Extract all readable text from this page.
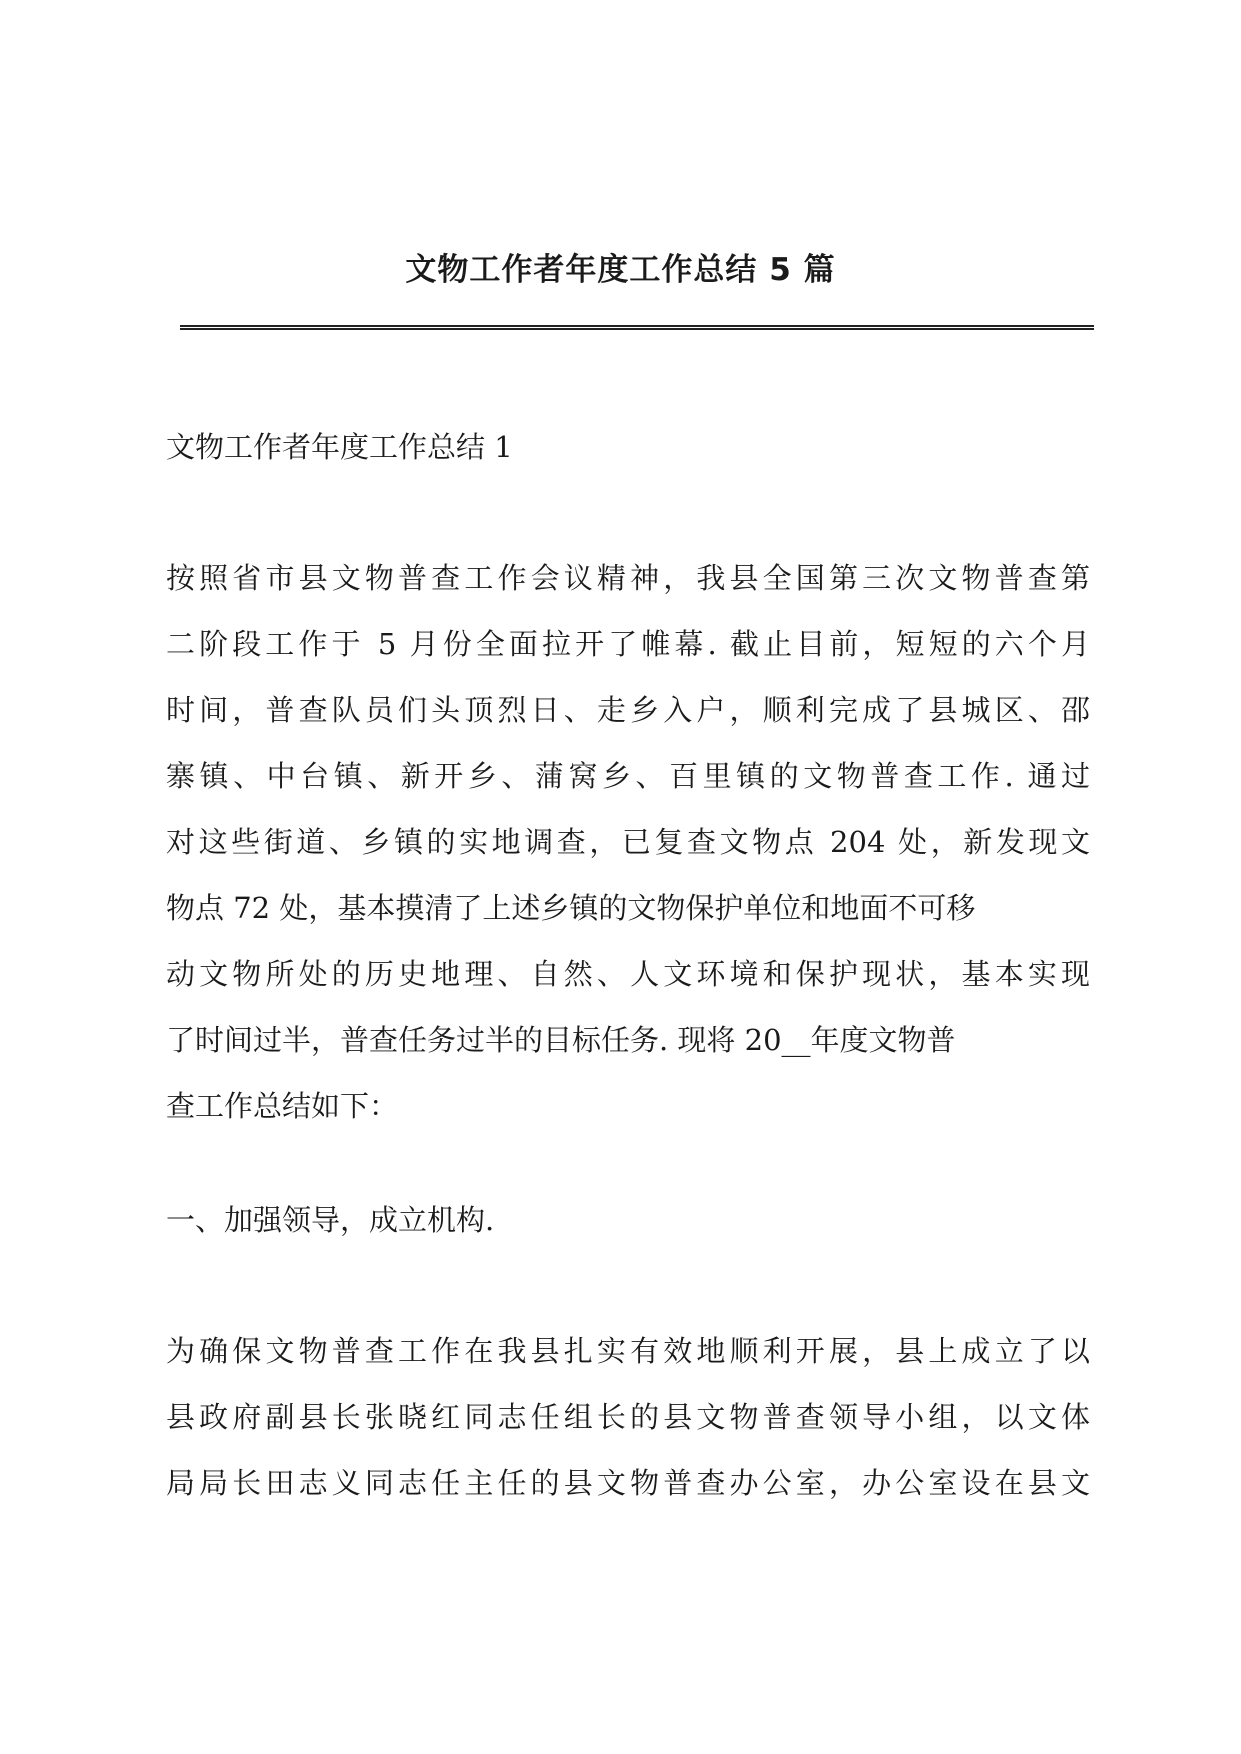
文物工作者年度工作总结 5 篇

文物工作者年度工作总结 1

按照省市县文物普查工作会议精神，我县全国第三次文物普查第

二阶段工作于 5 月份全面拉开了帷幕. 截止目前，短短的六个月

时间，普查队员们头顶烈日、走乡入户，顺利完成了县城区、邵

寨镇、中台镇、新开乡、蒲窝乡、百里镇的文物普查工作. 通过

对这些街道、乡镇的实地调查，已复查文物点 204 处，新发现文

物点 72 处，基本摸清了上述乡镇的文物保护单位和地面不可移

动文物所处的历史地理、自然、人文环境和保护现状，基本实现

了时间过半，普查任务过半的目标任务. 现将 20__年度文物普

查工作总结如下：

一、加强领导，成立机构.

为确保文物普查工作在我县扎实有效地顺利开展，县上成立了以

县政府副县长张晓红同志任组长的县文物普查领导小组，以文体

局局长田志义同志任主任的县文物普查办公室，办公室设在县文
